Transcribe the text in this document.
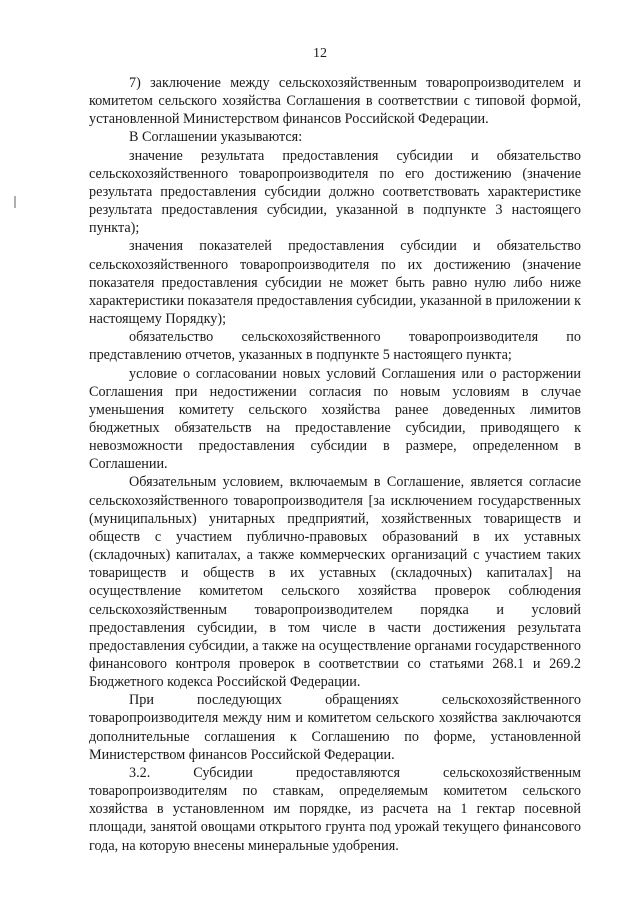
12

7) заключение между сельскохозяйственным товаропроизводителем и комитетом сельского хозяйства Соглашения в соответствии с типовой формой, установленной Министерством финансов Российской Федерации.

В Соглашении указываются:

значение результата предоставления субсидии и обязательство сельскохозяйственного товаропроизводителя по его достижению (значение результата предоставления субсидии должно соответствовать характеристике результата предоставления субсидии, указанной в подпункте 3 настоящего пункта);

значения показателей предоставления субсидии и обязательство сельскохозяйственного товаропроизводителя по их достижению (значение показателя предоставления субсидии не может быть равно нулю либо ниже характеристики показателя предоставления субсидии, указанной в приложении к настоящему Порядку);

обязательство сельскохозяйственного товаропроизводителя по представлению отчетов, указанных в подпункте 5 настоящего пункта;

условие о согласовании новых условий Соглашения или о расторжении Соглашения при недостижении согласия по новым условиям в случае уменьшения комитету сельского хозяйства ранее доведенных лимитов бюджетных обязательств на предоставление субсидии, приводящего к невозможности предоставления субсидии в размере, определенном в Соглашении.

Обязательным условием, включаемым в Соглашение, является согласие сельскохозяйственного товаропроизводителя [за исключением государственных (муниципальных) унитарных предприятий, хозяйственных товариществ и обществ с участием публично-правовых образований в их уставных (складочных) капиталах, а также коммерческих организаций с участием таких товариществ и обществ в их уставных (складочных) капиталах] на осуществление комитетом сельского хозяйства проверок соблюдения сельскохозяйственным товаропроизводителем порядка и условий предоставления субсидии, в том числе в части достижения результата предоставления субсидии, а также на осуществление органами государственного финансового контроля проверок в соответствии со статьями 268.1 и 269.2 Бюджетного кодекса Российской Федерации.

При последующих обращениях сельскохозяйственного товаропроизводителя между ним и комитетом сельского хозяйства заключаются дополнительные соглашения к Соглашению по форме, установленной Министерством финансов Российской Федерации.

3.2. Субсидии предоставляются сельскохозяйственным товаропроизводителям по ставкам, определяемым комитетом сельского хозяйства в установленном им порядке, из расчета на 1 гектар посевной площади, занятой овощами открытого грунта под урожай текущего финансового года, на которую внесены минеральные удобрения.
